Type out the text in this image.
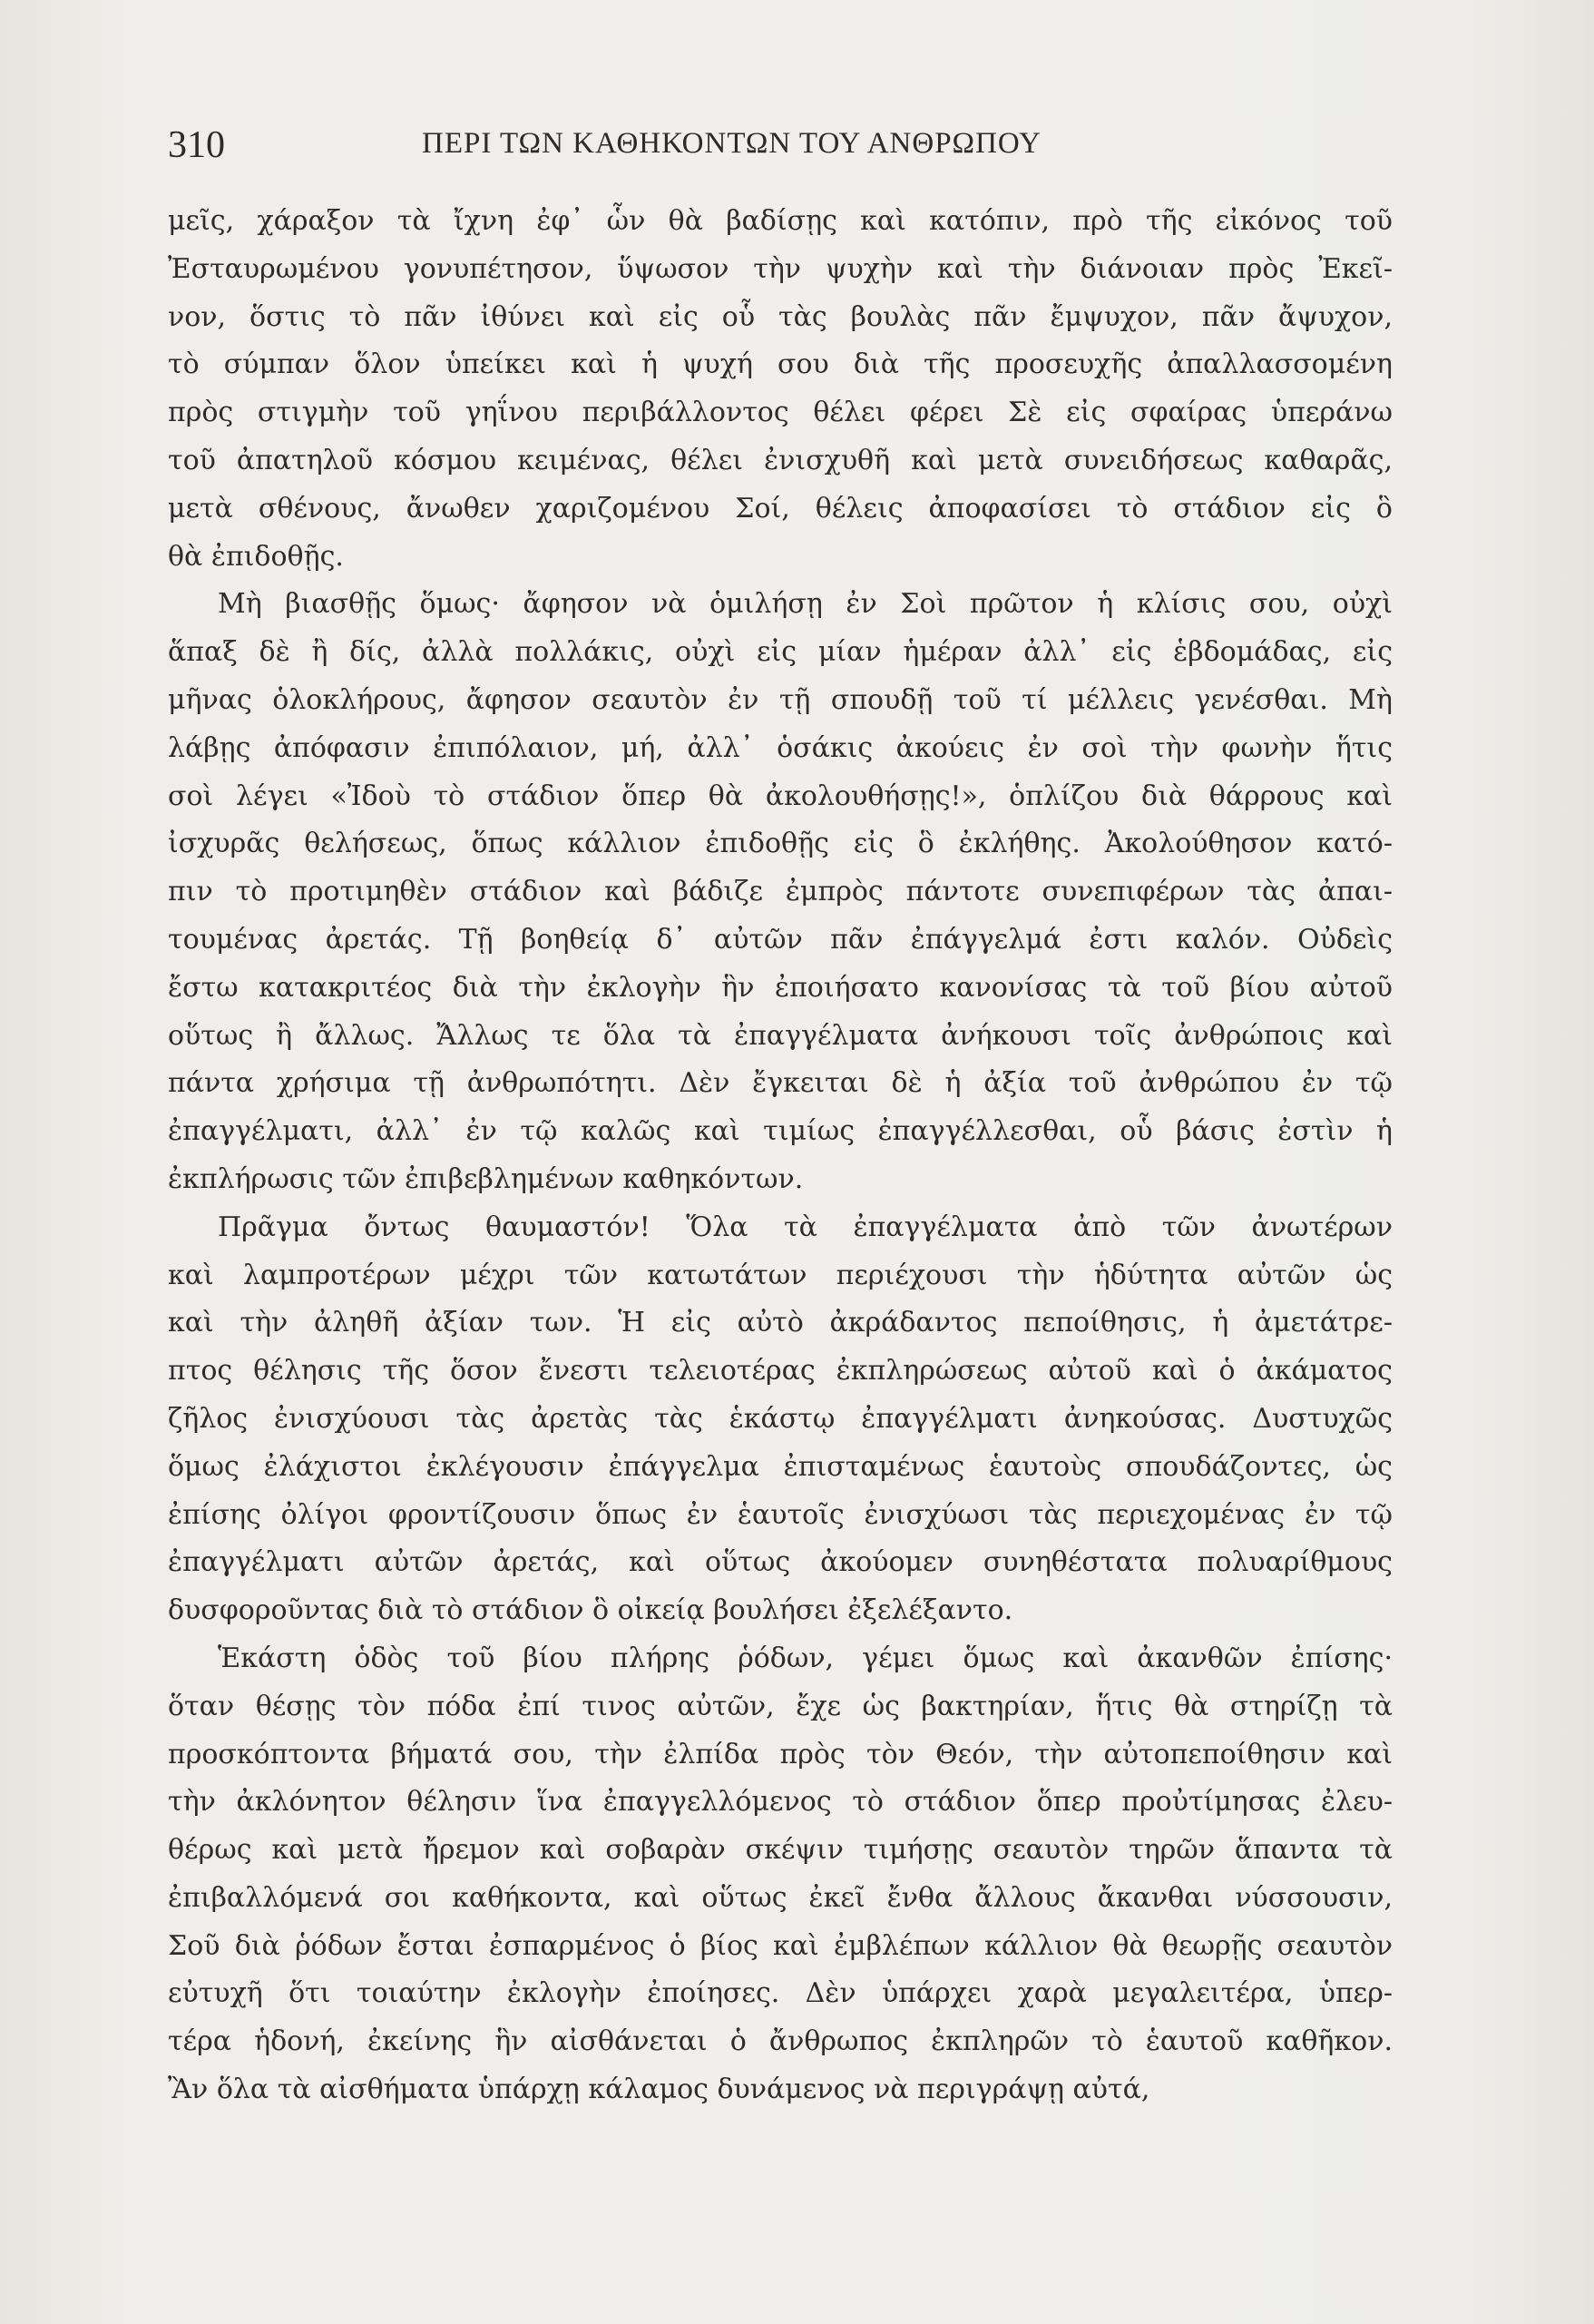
310	ΠΕΡΙ ΤΩΝ ΚΑΘΗΚΟΝΤΩΝ ΤΟΥ ΑΝΘΡΩΠΟΥ

μεῖς, χάραξον τὰ ἴχνη ἐφ᾽ ὧν θὰ βαδίσῃς καὶ κατόπιν, πρὸ τῆς εἰκόνος τοῦ
Ἐσταυρωμένου γονυπέτησον, ὕψωσον τὴν ψυχὴν καὶ τὴν διάνοιαν πρὸς Ἐκεῖ-
νον, ὅστις τὸ πᾶν ἰθύνει καὶ εἰς οὗ τὰς βουλὰς πᾶν ἔμψυχον, πᾶν ἄψυχον,
τὸ σύμπαν ὅλον ὑπείκει καὶ ἡ ψυχή σου διὰ τῆς προσευχῆς ἀπαλλασσομένη
πρὸς στιγμὴν τοῦ γηΐνου περιβάλλοντος θέλει φέρει Σὲ εἰς σφαίρας ὑπεράνω
τοῦ ἀπατηλοῦ κόσμου κειμένας, θέλει ἐνισχυθῆ καὶ μετὰ συνειδήσεως καθαρᾶς,
μετὰ σθένους, ἄνωθεν χαριζομένου Σοί, θέλεις ἀποφασίσει τὸ στάδιον εἰς ὃ
θὰ ἐπιδοθῇς.

Μὴ βιασθῇς ὅμως· ἄφησον νὰ ὁμιλήσῃ ἐν Σοὶ πρῶτον ἡ κλίσις σου, οὐχὶ
ἅπαξ δὲ ἢ δίς, ἀλλὰ πολλάκις, οὐχὶ εἰς μίαν ἡμέραν ἀλλ᾽ εἰς ἑβδομάδας, εἰς
μῆνας ὁλοκλήρους, ἄφησον σεαυτὸν ἐν τῇ σπουδῇ τοῦ τί μέλλεις γενέσθαι. Μὴ
λάβῃς ἀπόφασιν ἐπιπόλαιον, μή, ἀλλ᾽ ὁσάκις ἀκούεις ἐν σοὶ τὴν φωνὴν ἥτις
σοὶ λέγει «Ἰδοὺ τὸ στάδιον ὅπερ θὰ ἀκολουθήσῃς!», ὁπλίζου διὰ θάρρους καὶ
ἰσχυρᾶς θελήσεως, ὅπως κάλλιον ἐπιδοθῇς εἰς ὃ ἐκλήθης. Ἀκολούθησον κατό-
πιν τὸ προτιμηθὲν στάδιον καὶ βάδιζε ἐμπρὸς πάντοτε συνεπιφέρων τὰς ἀπαι-
τουμένας ἀρετάς. Τῇ βοηθείᾳ δ᾽ αὐτῶν πᾶν ἐπάγγελμά ἐστι καλόν. Οὐδεὶς
ἔστω κατακριτέος διὰ τὴν ἐκλογὴν ἣν ἐποιήσατο κανονίσας τὰ τοῦ βίου αὐτοῦ
οὕτως ἢ ἄλλως. Ἄλλως τε ὅλα τὰ ἐπαγγέλματα ἀνήκουσι τοῖς ἀνθρώποις καὶ
πάντα χρήσιμα τῇ ἀνθρωπότητι. Δὲν ἔγκειται δὲ ἡ ἀξία τοῦ ἀνθρώπου ἐν τῷ
ἐπαγγέλματι, ἀλλ᾽ ἐν τῷ καλῶς καὶ τιμίως ἐπαγγέλλεσθαι, οὗ βάσις ἐστὶν ἡ
ἐκπλήρωσις τῶν ἐπιβεβλημένων καθηκόντων.

Πρᾶγμα ὄντως θαυμαστόν! Ὅλα τὰ ἐπαγγέλματα ἀπὸ τῶν ἀνωτέρων
καὶ λαμπροτέρων μέχρι τῶν κατωτάτων περιέχουσι τὴν ἡδύτητα αὐτῶν ὡς
καὶ τὴν ἀληθῆ ἀξίαν των. Ἡ εἰς αὐτὸ ἀκράδαντος πεποίθησις, ἡ ἀμετάτρε-
πτος θέλησις τῆς ὅσον ἔνεστι τελειοτέρας ἐκπληρώσεως αὐτοῦ καὶ ὁ ἀκάματος
ζῆλος ἐνισχύουσι τὰς ἀρετὰς τὰς ἑκάστῳ ἐπαγγέλματι ἀνηκούσας. Δυστυχῶς
ὅμως ἐλάχιστοι ἐκλέγουσιν ἐπάγγελμα ἐπισταμένως ἑαυτοὺς σπουδάζοντες, ὡς
ἐπίσης ὀλίγοι φροντίζουσιν ὅπως ἐν ἑαυτοῖς ἐνισχύωσι τὰς περιεχομένας ἐν τῷ
ἐπαγγέλματι αὐτῶν ἀρετάς, καὶ οὕτως ἀκούομεν συνηθέστατα πολυαρίθμους
δυσφοροῦντας διὰ τὸ στάδιον ὃ οἰκείᾳ βουλήσει ἐξελέξαντο.

Ἑκάστη ὁδὸς τοῦ βίου πλήρης ῥόδων, γέμει ὅμως καὶ ἀκανθῶν ἐπίσης·
ὅταν θέσῃς τὸν πόδα ἐπί τινος αὐτῶν, ἔχε ὡς βακτηρίαν, ἥτις θὰ στηρίζῃ τὰ
προσκόπτοντα βήματά σου, τὴν ἐλπίδα πρὸς τὸν Θεόν, τὴν αὐτοπεποίθησιν καὶ
τὴν ἀκλόνητον θέλησιν ἵνα ἐπαγγελλόμενος τὸ στάδιον ὅπερ προὐτίμησας ἐλευ-
θέρως καὶ μετὰ ἤρεμον καὶ σοβαρὰν σκέψιν τιμήσῃς σεαυτὸν τηρῶν ἅπαντα τὰ
ἐπιβαλλόμενά σοι καθήκοντα, καὶ οὕτως ἐκεῖ ἔνθα ἄλλους ἄκανθαι νύσσουσιν,
Σοῦ διὰ ῥόδων ἔσται ἐσπαρμένος ὁ βίος καὶ ἐμβλέπων κάλλιον θὰ θεωρῇς σεαυτὸν
εὐτυχῆ ὅτι τοιαύτην ἐκλογὴν ἐποίησες. Δὲν ὑπάρχει χαρὰ μεγαλειτέρα, ὑπερ-
τέρα ἡδονή, ἐκείνης ἣν αἰσθάνεται ὁ ἄνθρωπος ἐκπληρῶν τὸ ἑαυτοῦ καθῆκον.
Ἂν ὅλα τὰ αἰσθήματα ὑπάρχῃ κάλαμος δυνάμενος νὰ περιγράψῃ αὐτά,
